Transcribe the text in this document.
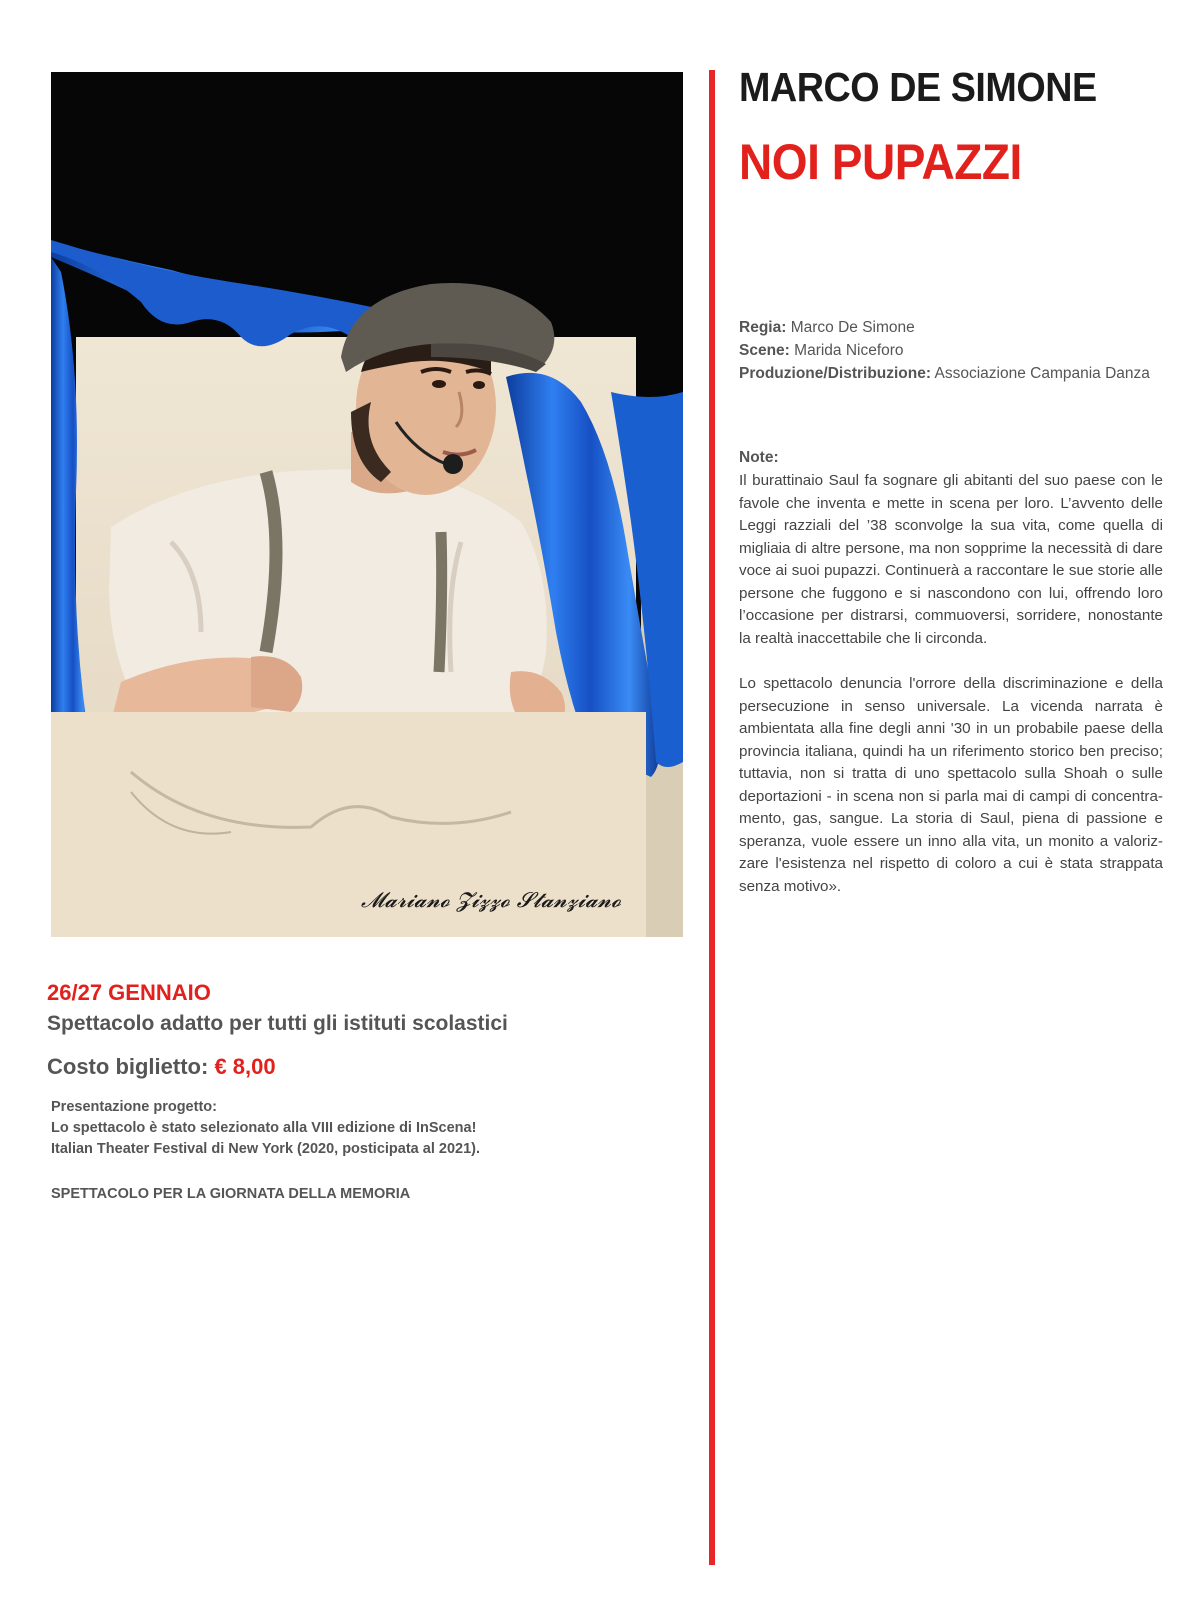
𝓜𝓪𝓻𝓲𝓪𝓷𝓸 𝓩𝓲𝔃𝔃𝓸 𝓢𝓽𝓪𝓷𝔃𝓲𝓪𝓷𝓸
MARCO DE SIMONE
NOI PUPAZZI
Regia: Marco De Simone
Scene: Marida Niceforo
Produzione/Distribuzione: Associazione Campania Danza
Note:

Il burattinaio Saul fa sognare gli abitanti del suo paese con le favole che inventa e mette in scena per loro. L’avvento delle Leggi razziali del ’38 sconvolge la sua vita, come quella di migliaia di altre persone, ma non sopprime la necessità di dare voce ai suoi pupazzi. Continuerà a raccontare le sue storie alle persone che fuggono e si nascondono con lui, offrendo loro l’occasione per distrarsi, commuoversi, sorridere, nonostante la realtà inaccettabile che li circonda.

Lo spettacolo denuncia l'orrore della discriminazione e della persecuzione in senso universale. La vicenda narrata è ambientata alla fine degli anni '30 in un probabile paese della provincia italiana, quindi ha un riferimento storico ben preciso; tuttavia, non si tratta di uno spettacolo sulla Shoah o sulle deportazioni - in scena non si parla mai di campi di concentra-mento, gas, sangue. La storia di Saul, piena di passione e speranza, vuole essere un inno alla vita, un monito a valoriz-zare l'esistenza nel rispetto di coloro a cui è stata strappata senza motivo».

26/27 GENNAIO
Spettacolo adatto per tutti gli istituti scolastici
Costo biglietto: € 8,00
Presentazione progetto:
Lo spettacolo è stato selezionato alla VIII edizione di InScena!
Italian Theater Festival di New York (2020, posticipata al 2021).
SPETTACOLO PER LA GIORNATA DELLA MEMORIA
